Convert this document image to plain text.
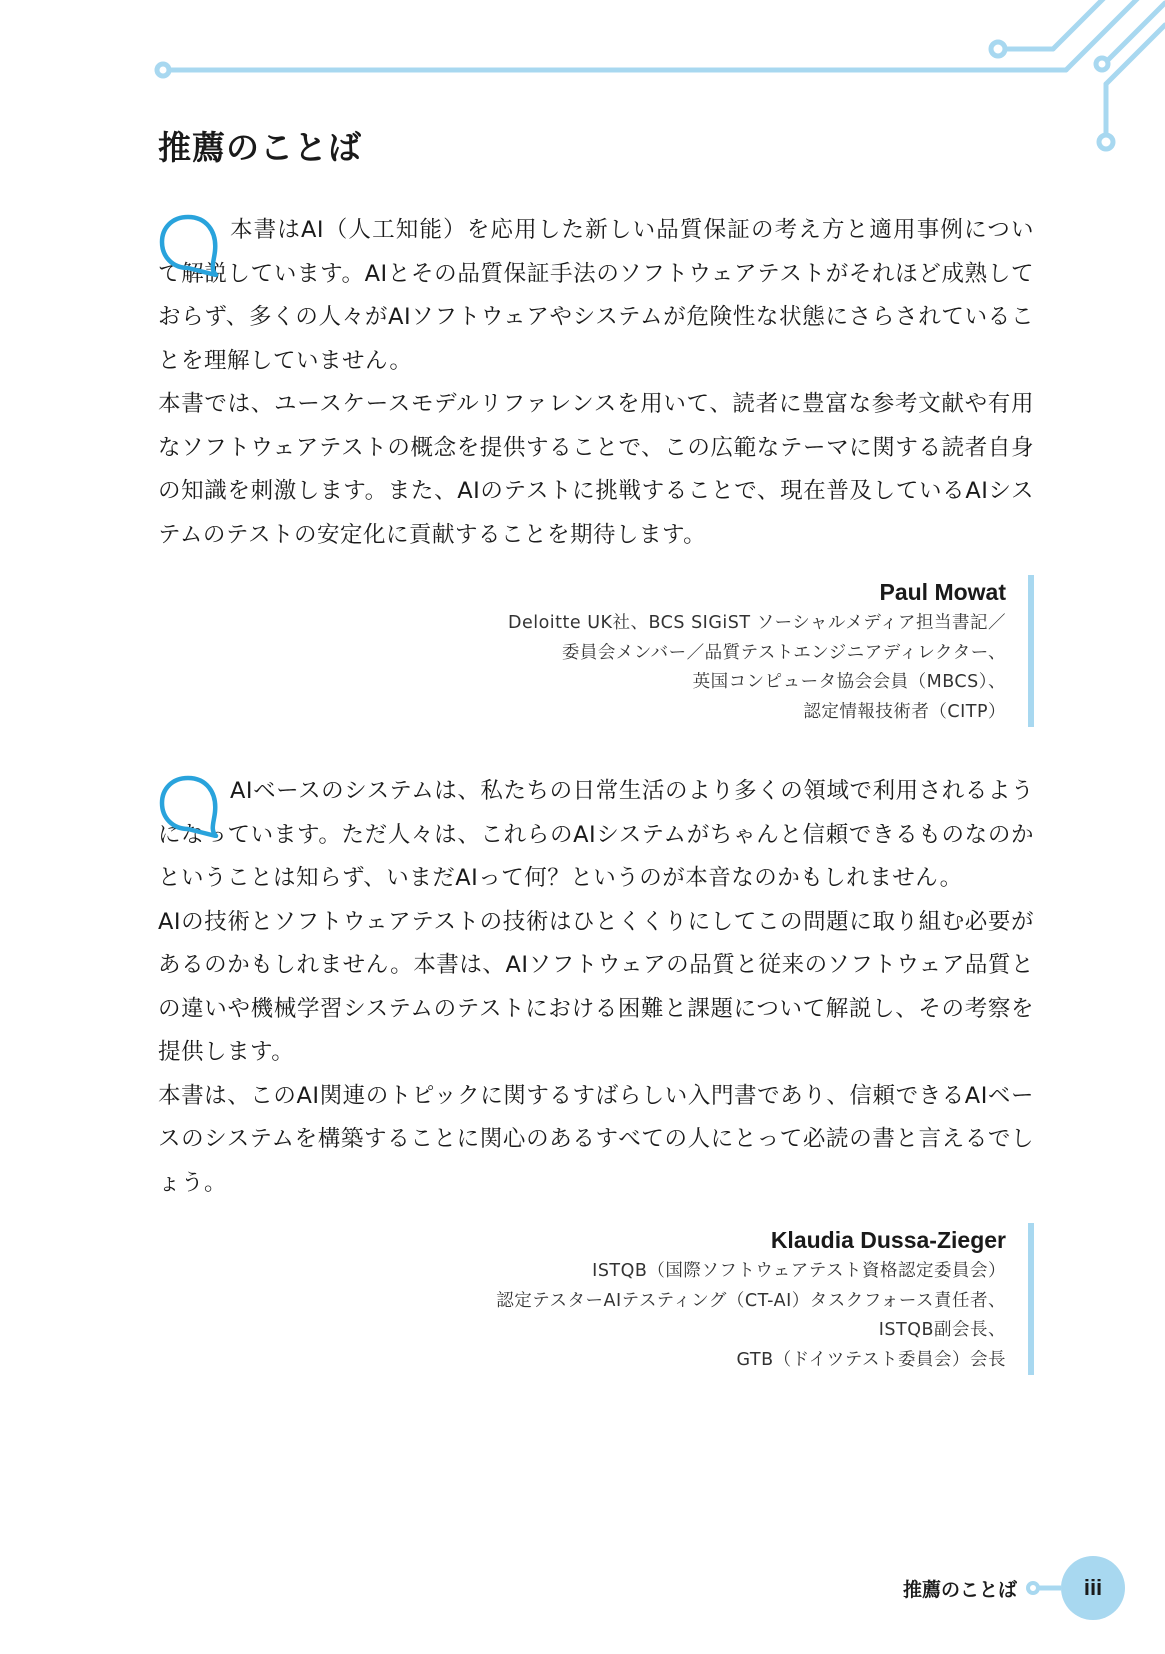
推薦のことば

本書はAI（人工知能）を応用した新しい品質保証の考え方と適用事例について解説しています。AIとその品質保証手法のソフトウェアテストがそれほど成熟しておらず、多くの人々がAIソフトウェアやシステムが危険性な状態にさらされていることを理解していません。

本書では、ユースケースモデルリファレンスを用いて、読者に豊富な参考文献や有用なソフトウェアテストの概念を提供することで、この広範なテーマに関する読者自身の知識を刺激します。また、AIのテストに挑戦することで、現在普及しているAIシステムのテストの安定化に貢献することを期待します。

Paul Mowat
Deloitte UK社、BCS SIGiST ソーシャルメディア担当書記／
委員会メンバー／品質テストエンジニアディレクター、
英国コンピュータ協会会員（MBCS）、
認定情報技術者（CITP）

AIベースのシステムは、私たちの日常生活のより多くの領域で利用されるようになっています。ただ人々は、これらのAIシステムがちゃんと信頼できるものなのかということは知らず、いまだAIって何？というのが本音なのかもしれません。

AIの技術とソフトウェアテストの技術はひとくくりにしてこの問題に取り組む必要があるのかもしれません。本書は、AIソフトウェアの品質と従来のソフトウェア品質との違いや機械学習システムのテストにおける困難と課題について解説し、その考察を提供します。

本書は、このAI関連のトピックに関するすばらしい入門書であり、信頼できるAIベースのシステムを構築することに関心のあるすべての人にとって必読の書と言えるでしょう。

Klaudia Dussa-Zieger
ISTQB（国際ソフトウェアテスト資格認定委員会）
認定テスターAIテスティング（CT-AI）タスクフォース責任者、
ISTQB副会長、
GTB（ドイツテスト委員会）会長
推薦のことば	iii
